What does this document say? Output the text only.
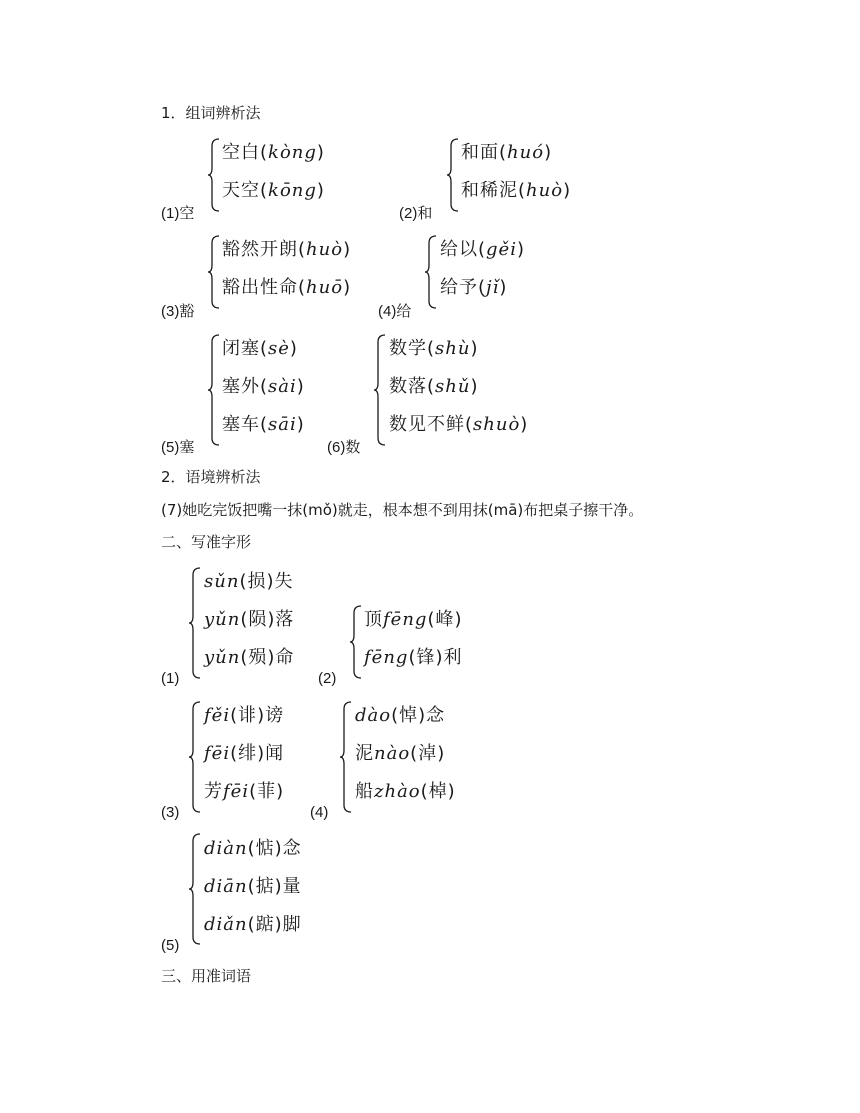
1．组词辨析法
空白(kòng)
天空(kōng)
(1)空
和面(huó)
和稀泥(huò)
(2)和
豁然开朗(huò)
豁出性命(huō)
(3)豁
给以(gěi)
给予(jǐ)
(4)给
闭塞(sè)
塞外(sài)
塞车(sāi)
(5)塞
数学(shù)
数落(shǔ)
数见不鲜(shuò)
(6)数
2．语境辨析法
(7)她吃完饭把嘴一抹(mǒ)就走，根本想不到用抹(mā)布把桌子擦干净。
二、写准字形
sǔn(损)失
yǔn(陨)落
yǔn(殒)命
(1)
顶fēng(峰)
fēng(锋)利
(2)
fěi(诽)谤
fēi(绯)闻
芳fēi(菲)
(3)
dào(悼)念
泥nào(淖)
船zhào(棹)
(4)
diàn(惦)念
diān(掂)量
diǎn(踮)脚
(5)
三、用准词语
